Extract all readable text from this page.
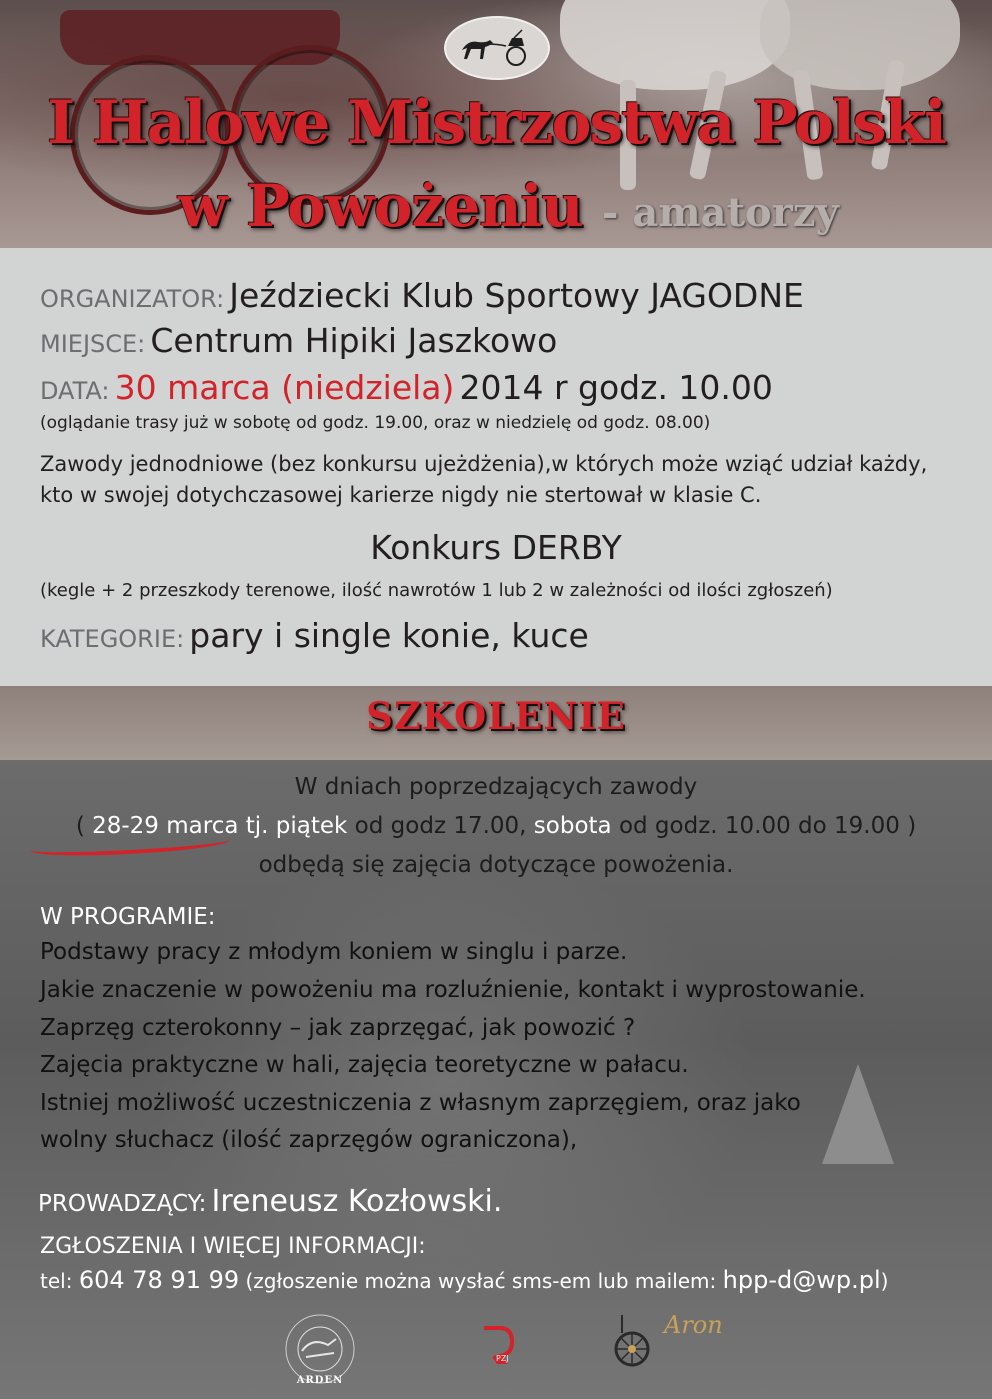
I Halowe Mistrzostwa Polski
w Powożeniu - amatorzy
ORGANIZATOR: Jeździecki Klub Sportowy JAGODNE
MIEJSCE: Centrum Hipiki Jaszkowo
DATA: 30 marca (niedziela) 2014 r godz. 10.00
(oglądanie trasy już w sobotę od godz. 19.00, oraz w niedzielę od godz. 08.00)
Zawody jednodniowe (bez konkursu ujeżdżenia),w których może wziąć udział każdy, kto w swojej dotychczasowej karierze nigdy nie stertował w klasie C.
Konkurs DERBY
(kegle + 2 przeszkody terenowe, ilość nawrotów 1 lub 2 w zależności od ilości zgłoszeń)
KATEGORIE: pary i single konie, kuce
SZKOLENIE
W dniach poprzedzających zawody
( 28-29 marca tj. piątek od godz 17.00, sobota od godz. 10.00 do 19.00 )
odbędą się zajęcia dotyczące powożenia.
W PROGRAMIE:
Podstawy pracy z młodym koniem w singlu i parze.
Jakie znaczenie w powożeniu ma rozluźnienie, kontakt i wyprostowanie.
Zaprzęg czterokonny – jak zaprzęgać, jak powozić ?
Zajęcia praktyczne w hali, zajęcia teoretyczne w pałacu.
Istniej możliwość uczestniczenia z własnym zaprzęgiem, oraz jako
wolny słuchacz (ilość zaprzęgów ograniczona),
PROWADZĄCY: Ireneusz Kozłowski.
ZGŁOSZENIA I WIĘCEJ INFORMACJI:
tel: 604 78 91 99 (zgłoszenie można wysłać sms-em lub mailem: hpp-d@wp.pl)
ARDEN
PZJ
Aron
